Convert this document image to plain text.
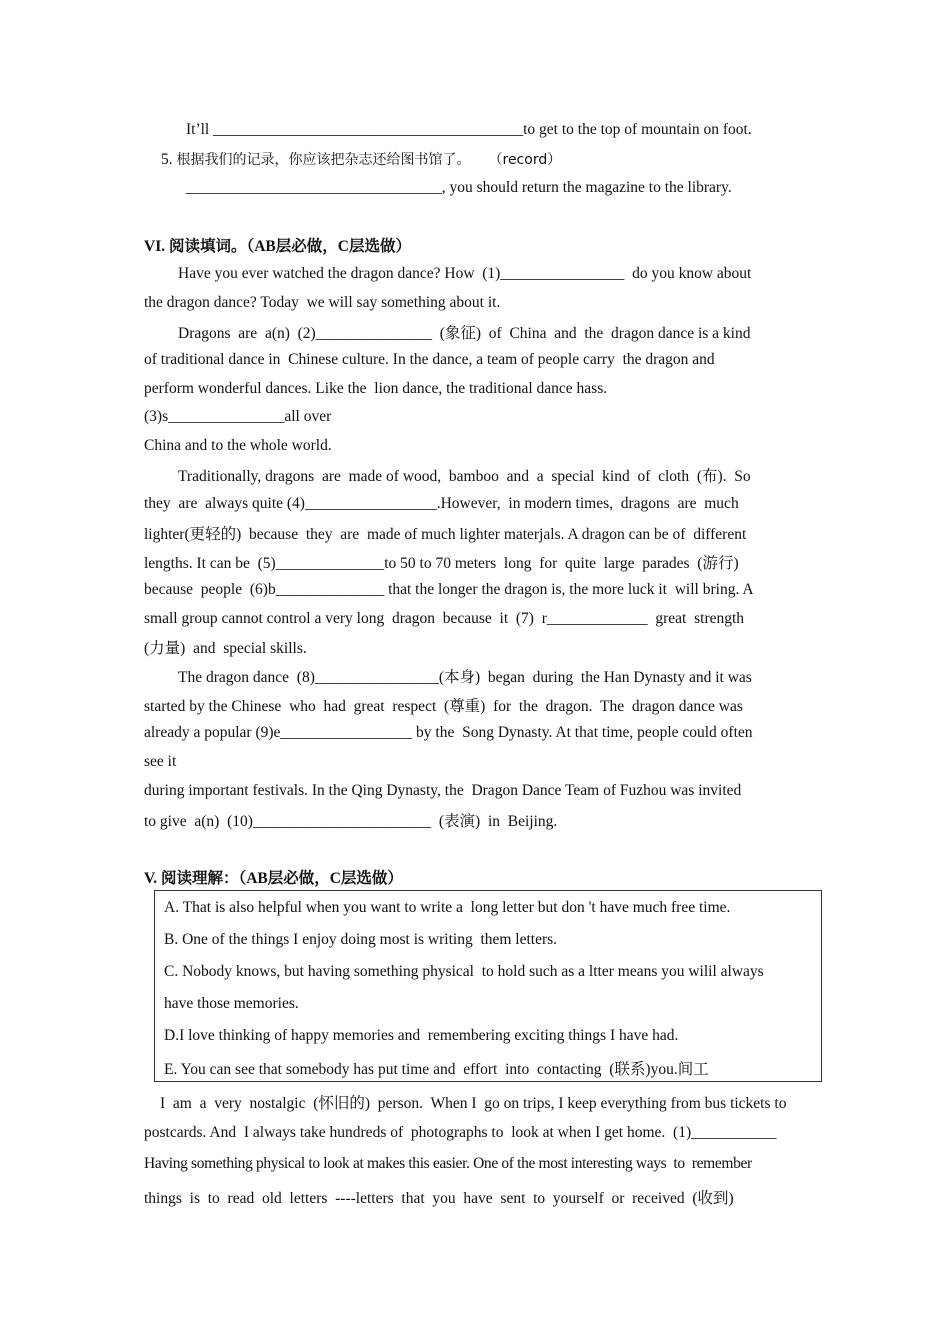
It’ll ________________________________________to get to the top of mountain on foot.
5. 根据我们的记录，你应该把杂志还给图书馆了。 （record）
_________________________________, you should return the magazine to the library.
VI. 阅读填词。（AB层必做，C层选做）
Have you ever watched the dragon dance? How  (1)________________  do you know about
the dragon dance? Today  we will say something about it.
Dragons  are  a(n)  (2)_______________  (象征)  of  China  and  the  dragon dance is a kind
of traditional dance in  Chinese culture. In the dance, a team of people carry  the dragon and
perform wonderful dances. Like the  lion dance, the traditional dance hass.
(3)s_______________all over
China and to the whole world.
Traditionally, dragons  are  made of wood,  bamboo  and  a  special  kind  of  cloth  (布).  So
they  are  always quite (4)_________________.However,  in modern times,  dragons  are  much
lighter(更轻的)  because  they  are  made of much lighter materjals. A dragon can be of  different
lengths. It can be  (5)______________to 50 to 70 meters  long  for  quite  large  parades  (游行)
because  people  (6)b______________ that the longer the dragon is, the more luck it  will bring. A
small group cannot control a very long  dragon  because  it  (7)  r_____________  great  strength
(力量)  and  special skills.
The dragon dance  (8)________________(本身)  began  during  the Han Dynasty and it was
started by the Chinese  who  had  great  respect  (尊重)  for  the  dragon.  The  dragon dance was
already a popular (9)e_________________ by the  Song Dynasty. At that time, people could often
see it
during important festivals. In the Qing Dynasty, the  Dragon Dance Team of Fuzhou was invited
to give  a(n)  (10)_______________________  (表演)  in  Beijing.
V. 阅读理解：（AB层必做，C层选做）
A. That is also helpful when you want to write a  long letter but don 't have much free time.
B. One of the things I enjoy doing most is writing  them letters.
C. Nobody knows, but having something physical  to hold such as a ltter means you wilil always
have those memories.
D.I love thinking of happy memories and  remembering exciting things I have had.
E. You can see that somebody has put time and  effort  into  contacting  (联系)you.间工
I  am  a  very  nostalgic  (怀旧的)  person.  When I  go on trips, I keep everything from bus tickets to
postcards. And  I always take hundreds of  photographs to  look at when I get home.  (1)___________
Having something physical to look at makes this easier. One of the most interesting ways  to  remember
things  is  to  read  old  letters  ----letters  that  you  have  sent  to  yourself  or  received  (收到)
